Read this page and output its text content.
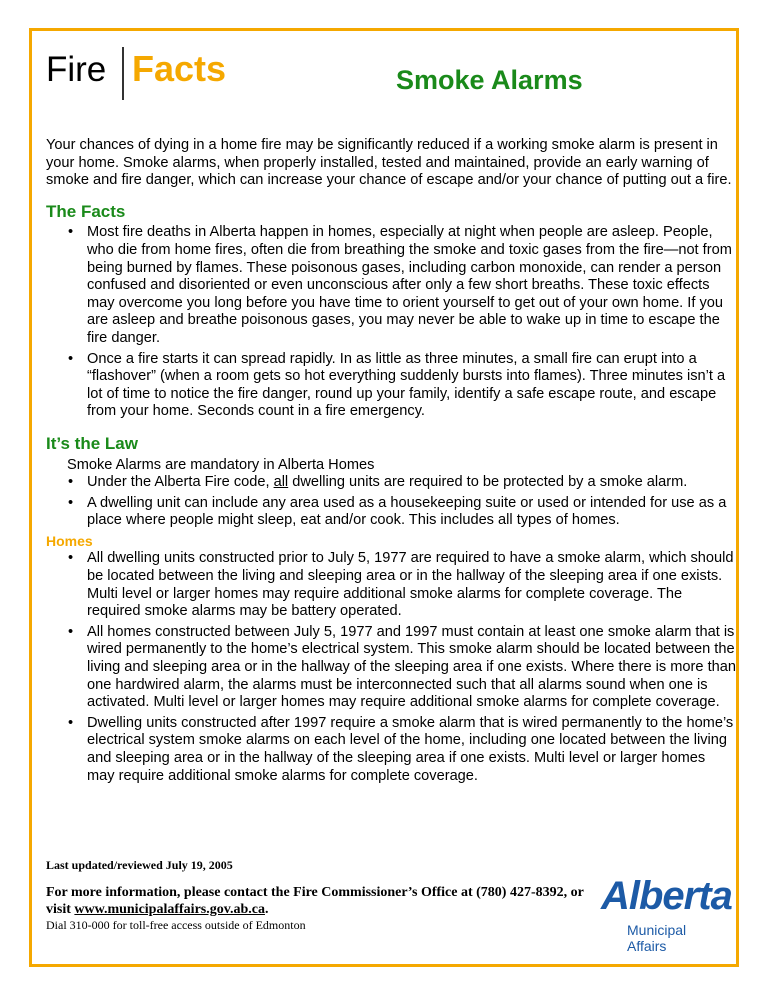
Fire Facts	Smoke Alarms

Your chances of dying in a home fire may be significantly reduced if a working smoke alarm is present in your home. Smoke alarms, when properly installed, tested and maintained, provide an early warning of smoke and fire danger, which can increase your chance of escape and/or your chance of putting out a fire.

The Facts
• Most fire deaths in Alberta happen in homes, especially at night when people are asleep. People, who die from home fires, often die from breathing the smoke and toxic gases from the fire—not from being burned by flames. These poisonous gases, including carbon monoxide, can render a person confused and disoriented or even unconscious after only a few short breaths. These toxic effects may overcome you long before you have time to orient yourself to get out of your own home. If you are asleep and breathe poisonous gases, you may never be able to wake up in time to escape the fire danger.
• Once a fire starts it can spread rapidly. In as little as three minutes, a small fire can erupt into a “flashover” (when a room gets so hot everything suddenly bursts into flames). Three minutes isn’t a lot of time to notice the fire danger, round up your family, identify a safe escape route, and escape from your home. Seconds count in a fire emergency.
It’s the Law

Smoke Alarms are mandatory in Alberta Homes

• Under the Alberta Fire code, all dwelling units are required to be protected by a smoke alarm.
• A dwelling unit can include any area used as a housekeeping suite or used or intended for use as a place where people might sleep, eat and/or cook. This includes all types of homes.
Homes
• All dwelling units constructed prior to July 5, 1977 are required to have a smoke alarm, which should be located between the living and sleeping area or in the hallway of the sleeping area if one exists. Multi level or larger homes may require additional smoke alarms for complete coverage. The required smoke alarms may be battery operated.
• All homes constructed between July 5, 1977 and 1997 must contain at least one smoke alarm that is wired permanently to the home’s electrical system. This smoke alarm should be located between the living and sleeping area or in the hallway of the sleeping area if one exists. Where there is more than one hardwired alarm, the alarms must be interconnected such that all alarms sound when one is activated. Multi level or larger homes may require additional smoke alarms for complete coverage.
• Dwelling units constructed after 1997 require a smoke alarm that is wired permanently to the home’s electrical system smoke alarms on each level of the home, including one located between the living and sleeping area or in the hallway of the sleeping area if one exists. Multi level or larger homes may require additional smoke alarms for complete coverage.
Last updated/reviewed July 19, 2005
For more information, please contact the Fire Commissioner’s Office at (780) 427-8392, or visit www.municipalaffairs.gov.ab.ca.
Dial 310-000 for toll-free access outside of Edmonton
Alberta
Municipal Affairs
